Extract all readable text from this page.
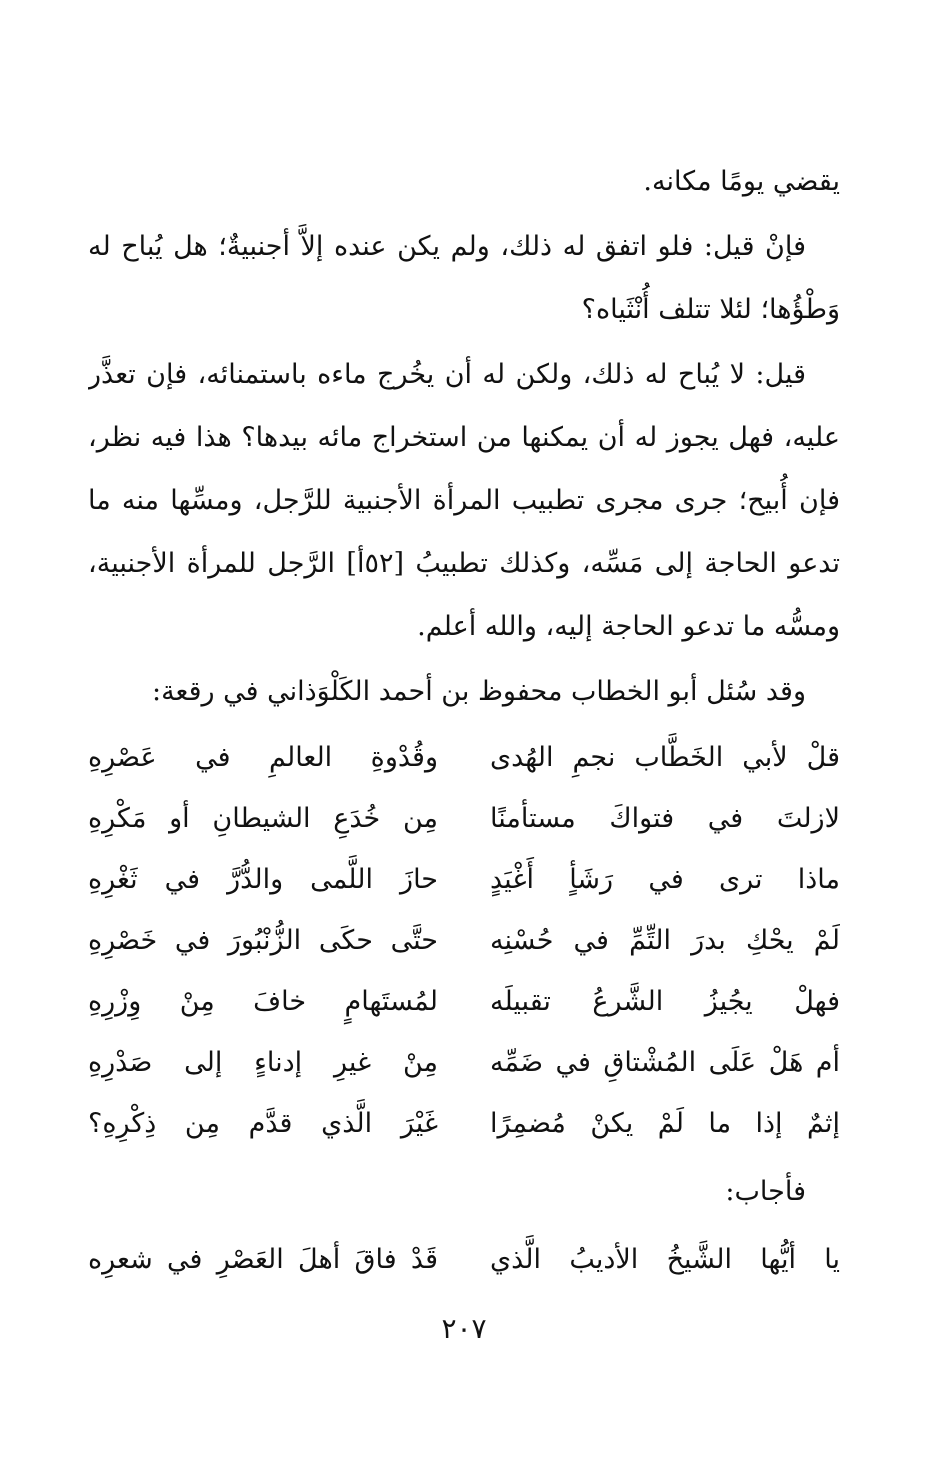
يقضي يومًا مكانه.
فإنْ قيل: فلو اتفق له ذلك، ولم يكن عنده إلاَّ أجنبيةٌ؛ هل يُباح له
وَطْؤُها؛ لئلا تتلف أُنْثَياه؟
قيل: لا يُباح له ذلك، ولكن له أن يخُرج ماءه باستمنائه، فإن تعذَّر
عليه، فهل يجوز له أن يمكنها من استخراج مائه بيدها؟ هذا فيه نظر،
فإن أُبيح؛ جرى مجرى تطبيب المرأة الأجنبية للرَّجل، ومسِّها منه ما
تدعو الحاجة إلى مَسِّه، وكذلك تطبيبُ [٥٢أ] الرَّجل للمرأة الأجنبية،
ومسُّه ما تدعو الحاجة إليه، والله أعلم.
وقد سُئل أبو الخطاب محفوظ بن أحمد الكَلْوَذاني في رقعة:
قلْ لأبي الخَطَّاب نجمِ الهُدى
وقُدْوةِ العالمِ في عَصْرِهِ
لازلتَ في فتواكَ مستأمنًا
مِن خُدَعِ الشيطانِ أو مَكْرِهِ
ماذا ترى في رَشَأٍ أَغْيَدٍ
حازَ اللَّمى والدُّرَّ في ثَغْرِهِ
لَمْ يحْكِ بدرَ التِّمِّ في حُسْنِه
حتَّى حكَى الزُّنْبُورَ في خَصْرِهِ
فهلْ يجُيزُ الشَّرعُ تقبيلَه
لمُستَهامٍ خافَ مِنْ وِزْرِهِ
أم هَلْ عَلَى المُشْتاقِ في ضَمِّه
مِنْ غيرِ إدناءٍ إلى صَدْرِهِ
إثمٌ إذا ما لَمْ يكنْ مُضمِرًا
غَيْرَ الَّذي قدَّم مِن ذِكْرِهِ؟
فأجاب:
يا أيُّها الشَّيخُ الأديبُ الَّذي
قَدْ فاقَ أهلَ العَصْرِ في شعرِه
٢٠٧
